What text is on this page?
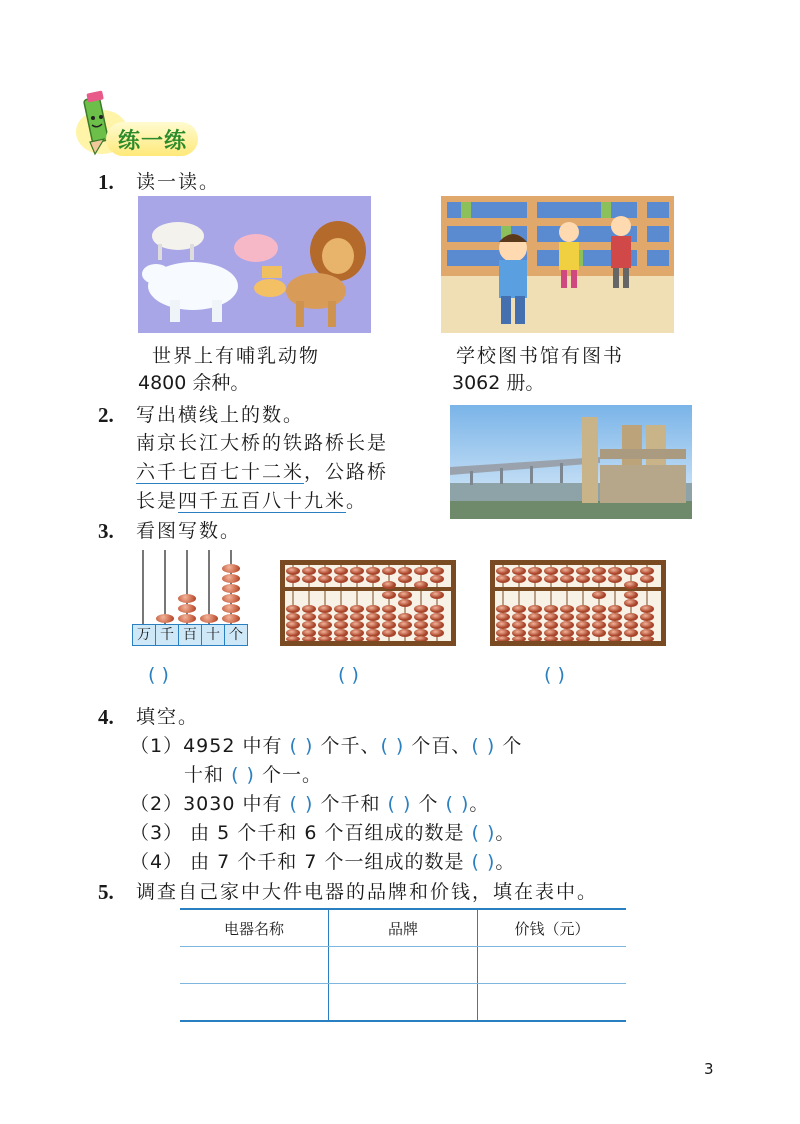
练一练
1. 读一读。
世界上有哺乳动物
4800 余种。
学校图书馆有图书
3062 册。
2. 写出横线上的数。
南京长江大桥的铁路桥长是
六千七百七十二米，公路桥
长是四千五百八十九米。
3. 看图写数。
万 千 百 十 个
( )	( )	( )
4. 填空。
（1）4952 中有 ( ) 个千、( ) 个百、( ) 个
十和 ( ) 个一。
（2）3030 中有 ( ) 个千和 ( ) 个 ( )。
（3） 由 5 个千和 6 个百组成的数是 ( )。
（4） 由 7 个千和 7 个一组成的数是 ( )。
5. 调查自己家中大件电器的品牌和价钱，填在表中。
电器名称	品牌	价钱（元）

3
